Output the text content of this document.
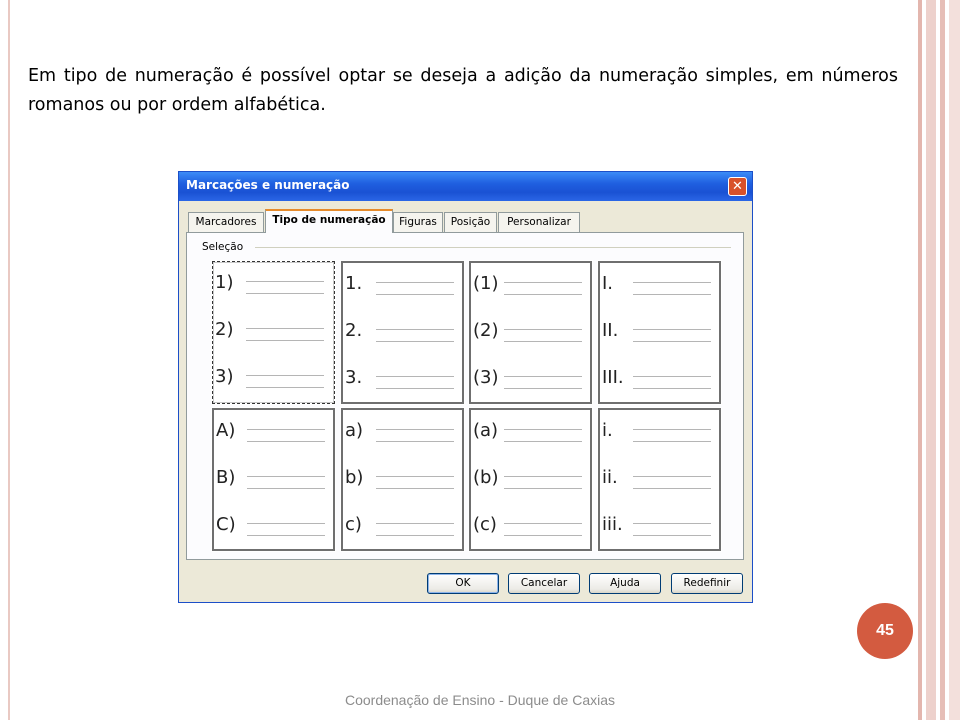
Em tipo de numeração é possível optar se deseja a adição da numeração simples, em números romanos ou por ordem alfabética.

Marcações e numeração	✕
Marcadores	Tipo de numeração	Figuras	Posição	Personalizar
Seleção
1)
2)
3)
1.
2.
3.
(1)
(2)
(3)
I.
II.
III.
A)
B)
C)
a)
b)
c)
(a)
(b)
(c)
i.
ii.
iii.
OK	Cancelar	Ajuda	Redefinir
45
Coordenação de Ensino - Duque de Caxias
